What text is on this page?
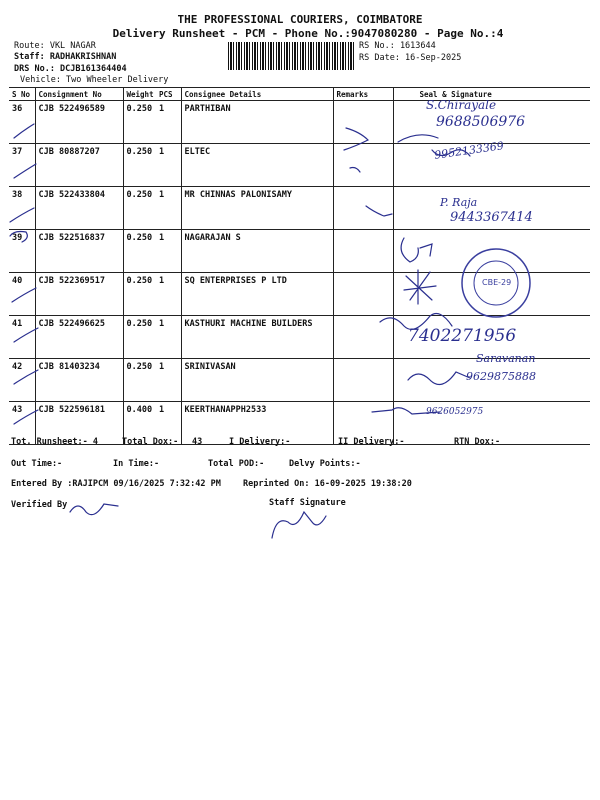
THE PROFESSIONAL COURIERS, COIMBATORE
Delivery Runsheet - PCM - Phone No.:9047080280 - Page No.:4
Route: VKL NAGAR
Staff: RADHAKRISHNAN
DRS No.: DCJB161364404
Vehicle: Two Wheeler Delivery
RS No.: 1613644
RS Date: 16-Sep-2025
S No	Consignment No	Weight	PCS	Consignee Details	Remarks	Seal & Signature
36	CJB 522496589	0.250	1	PARTHIBAN		
37	CJB 80887207	0.250	1	ELTEC		
38	CJB 522433804	0.250	1	MR CHINNAS PALONISAMY		
39	CJB 522516837	0.250	1	NAGARAJAN S		
40	CJB 522369517	0.250	1	SQ ENTERPRISES P LTD		
41	CJB 522496625	0.250	1	KASTHURI MACHINE BUILDERS		
42	CJB 81403234	0.250	1	SRINIVASAN		
43	CJB 522596181	0.400	1	KEERTHANAPPH2533		
S.Chirayale
9688506976
9952133369
P. Raja
9443367414
7402271956
Saravanan
9629875888
9626052975
CBE-29
Tot. Runsheet:- 4	Total Dox:- 43	I Delivery:-	II Delivery:-	RTN Dox:-
Out Time:-	In Time:-	Total POD:-	Delvy Points:-
Entered By :RAJIPCM 09/16/2025 7:32:42 PM	Reprinted On: 16-09-2025 19:38:20
Verified By	Staff Signature
